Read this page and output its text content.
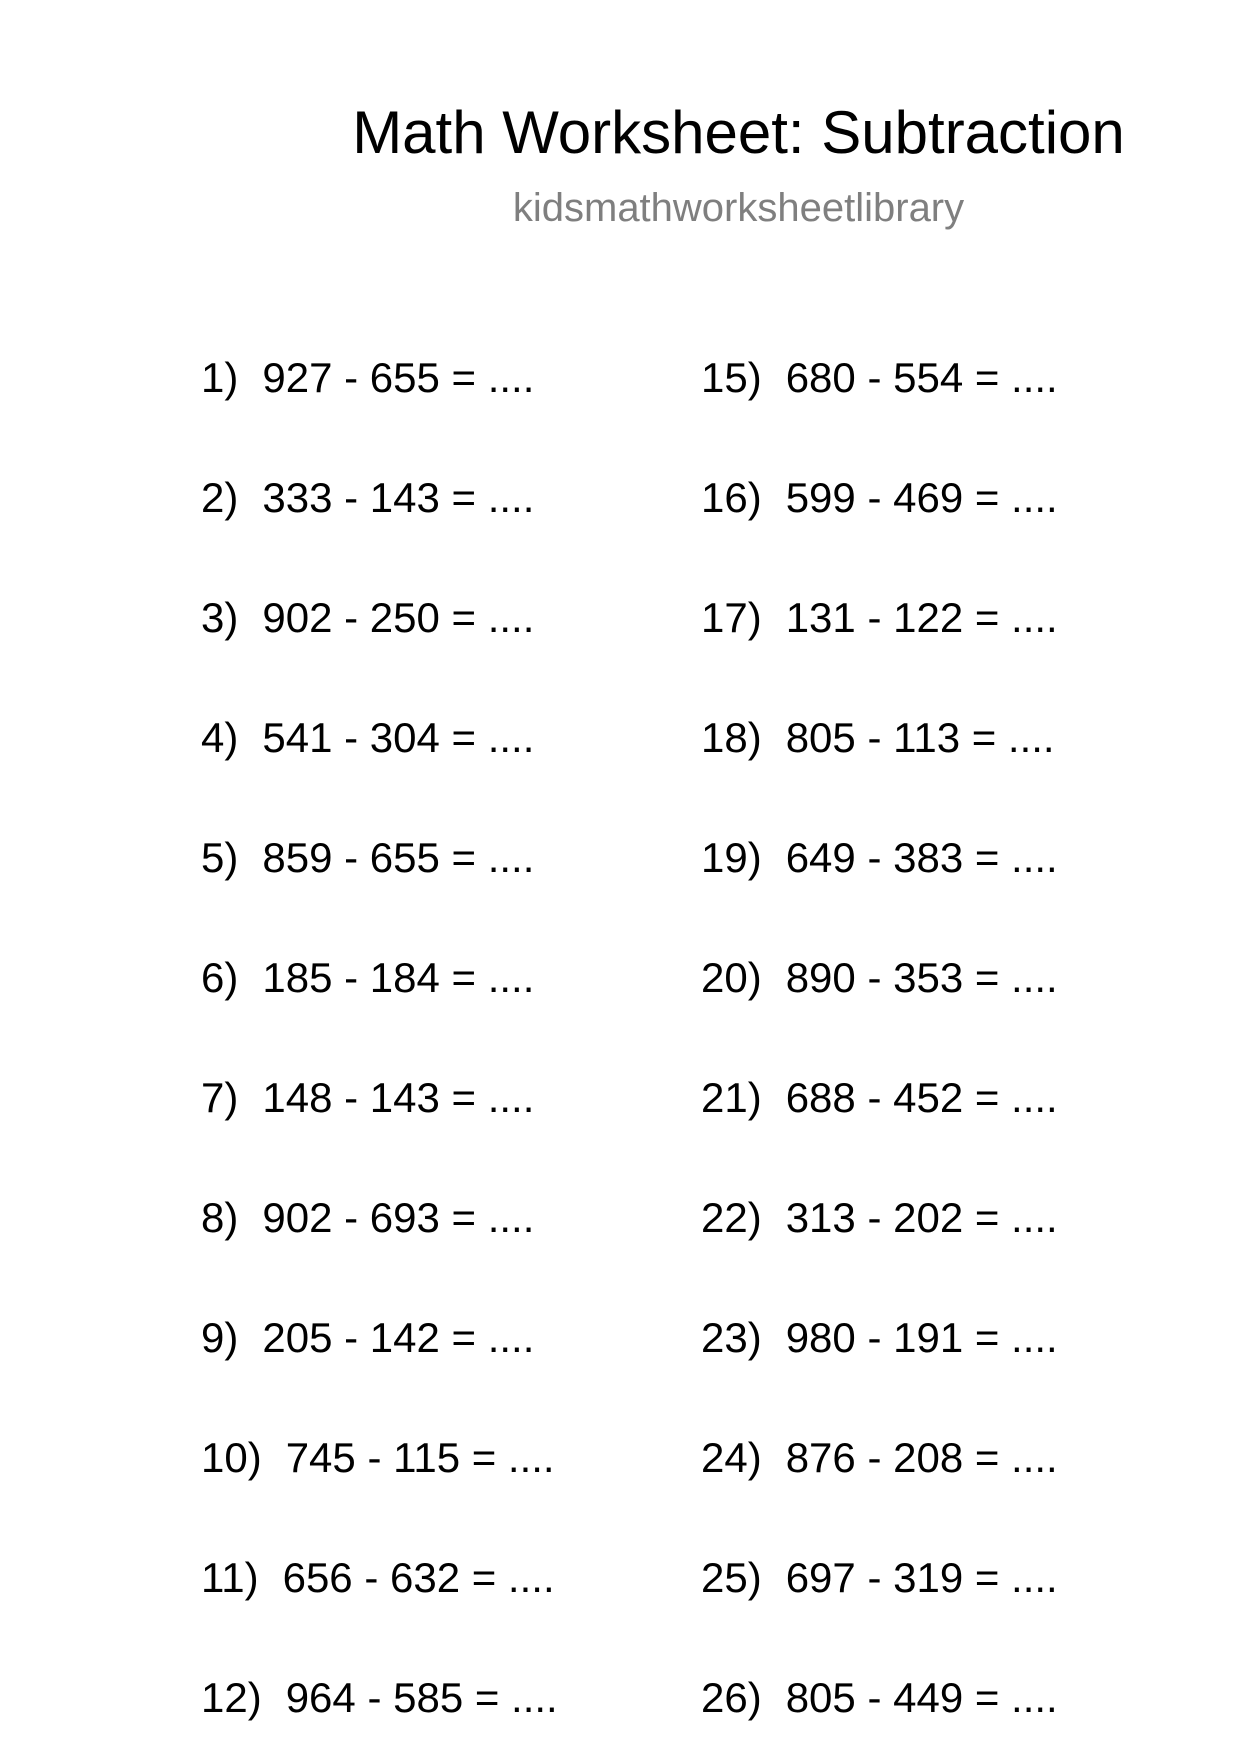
Math Worksheet: Subtraction
kidsmathworksheetlibrary
1) 927 - 655 = ....
2) 333 - 143 = ....
3) 902 - 250 = ....
4) 541 - 304 = ....
5) 859 - 655 = ....
6) 185 - 184 = ....
7) 148 - 143 = ....
8) 902 - 693 = ....
9) 205 - 142 = ....
10) 745 - 115 = ....
11) 656 - 632 = ....
12) 964 - 585 = ....
15) 680 - 554 = ....
16) 599 - 469 = ....
17) 131 - 122 = ....
18) 805 - 113 = ....
19) 649 - 383 = ....
20) 890 - 353 = ....
21) 688 - 452 = ....
22) 313 - 202 = ....
23) 980 - 191 = ....
24) 876 - 208 = ....
25) 697 - 319 = ....
26) 805 - 449 = ....
